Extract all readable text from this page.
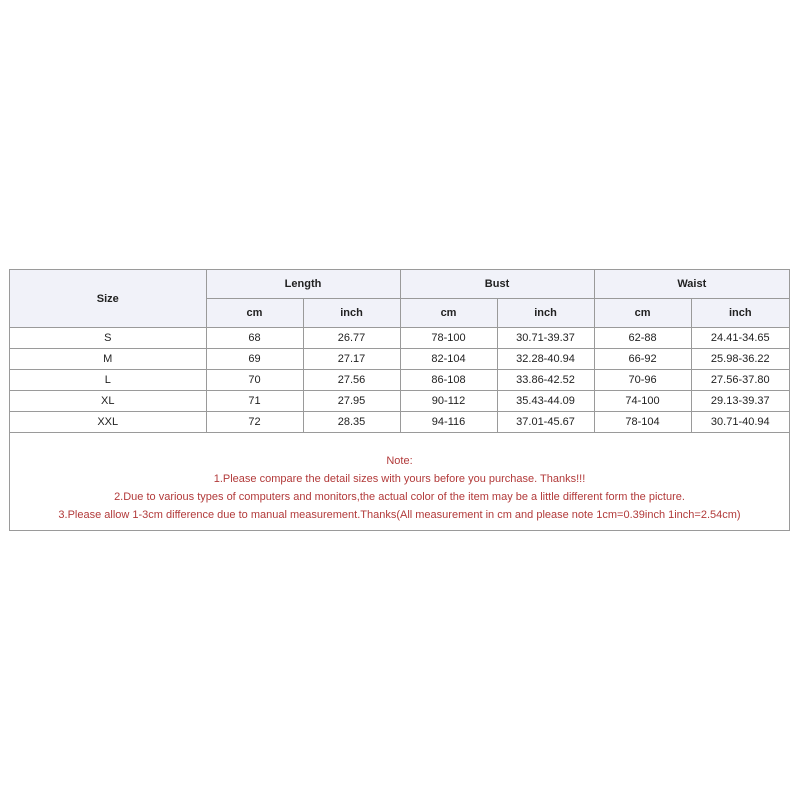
Size	Length		Bust		Waist	
	cm	inch	cm	inch	cm	inch
S	68	26.77	78-100	30.71-39.37	62-88	24.41-34.65
M	69	27.17	82-104	32.28-40.94	66-92	25.98-36.22
L	70	27.56	86-108	33.86-42.52	70-96	27.56-37.80
XL	71	27.95	90-112	35.43-44.09	74-100	29.13-39.37
XXL	72	28.35	94-116	37.01-45.67	78-104	30.71-40.94
Note:
1.Please compare the detail sizes with yours before you purchase. Thanks!!!
2.Due to various types of computers and monitors,the actual color of the item may be a little different form the picture.
3.Please allow 1-3cm difference due to manual measurement.Thanks(All measurement in cm and please note 1cm=0.39inch 1inch=2.54cm)
